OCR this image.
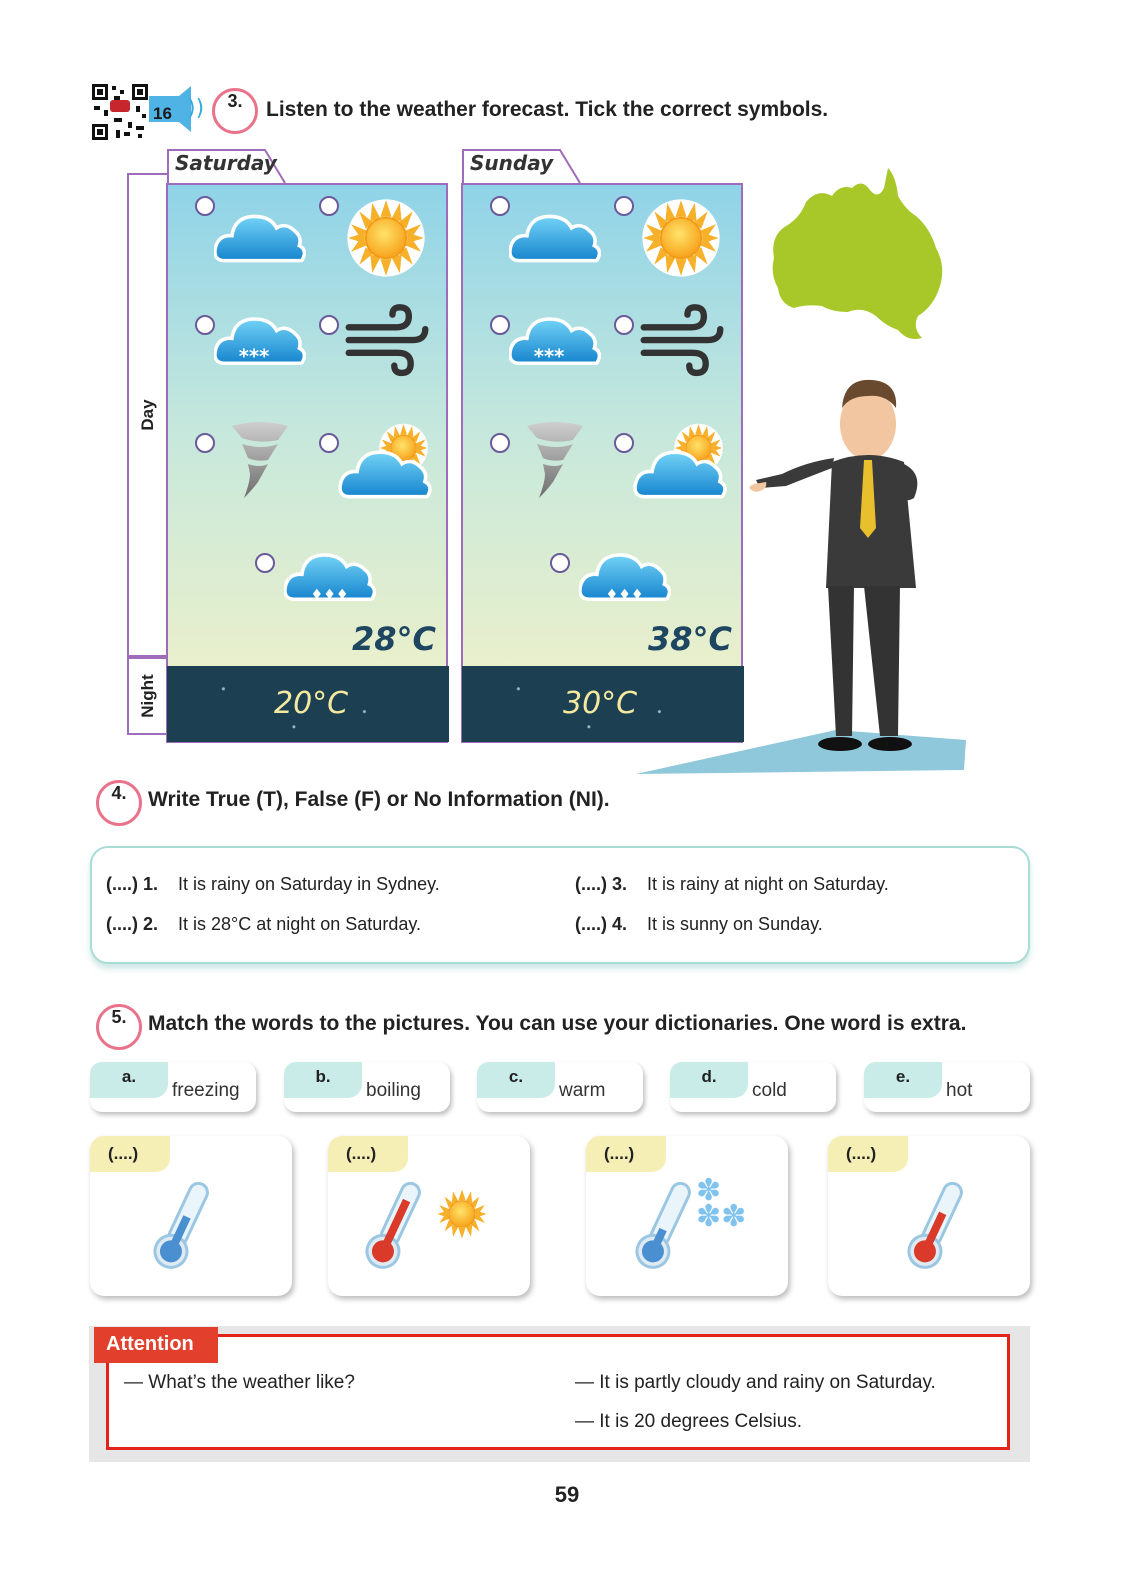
16 ))	3.	Listen to the weather forecast. Tick the correct symbols.
Day
Night
Saturday	Sunday
***
♦♦♦
***
♦♦♦
28°C	38°C
20°C	30°C
4.	Write True (T), False (F) or No Information (NI).
(....) 1. It is rainy on Saturday in Sydney.
(....) 2. It is 28°C at night on Saturday.
(....) 3. It is rainy at night on Saturday.
(....) 4. It is sunny on Sunday.
5.	Match the words to the pictures. You can use your dictionaries. One word is extra.
a.
freezing
b.
boiling
c.
warm
d.
cold
e.
hot
(....)	(....)	(....)
✽
✽✽
(....)
Attention
— What’s the weather like?	— It is partly cloudy and rainy on Saturday.
— It is 20 degrees Celsius.
59
